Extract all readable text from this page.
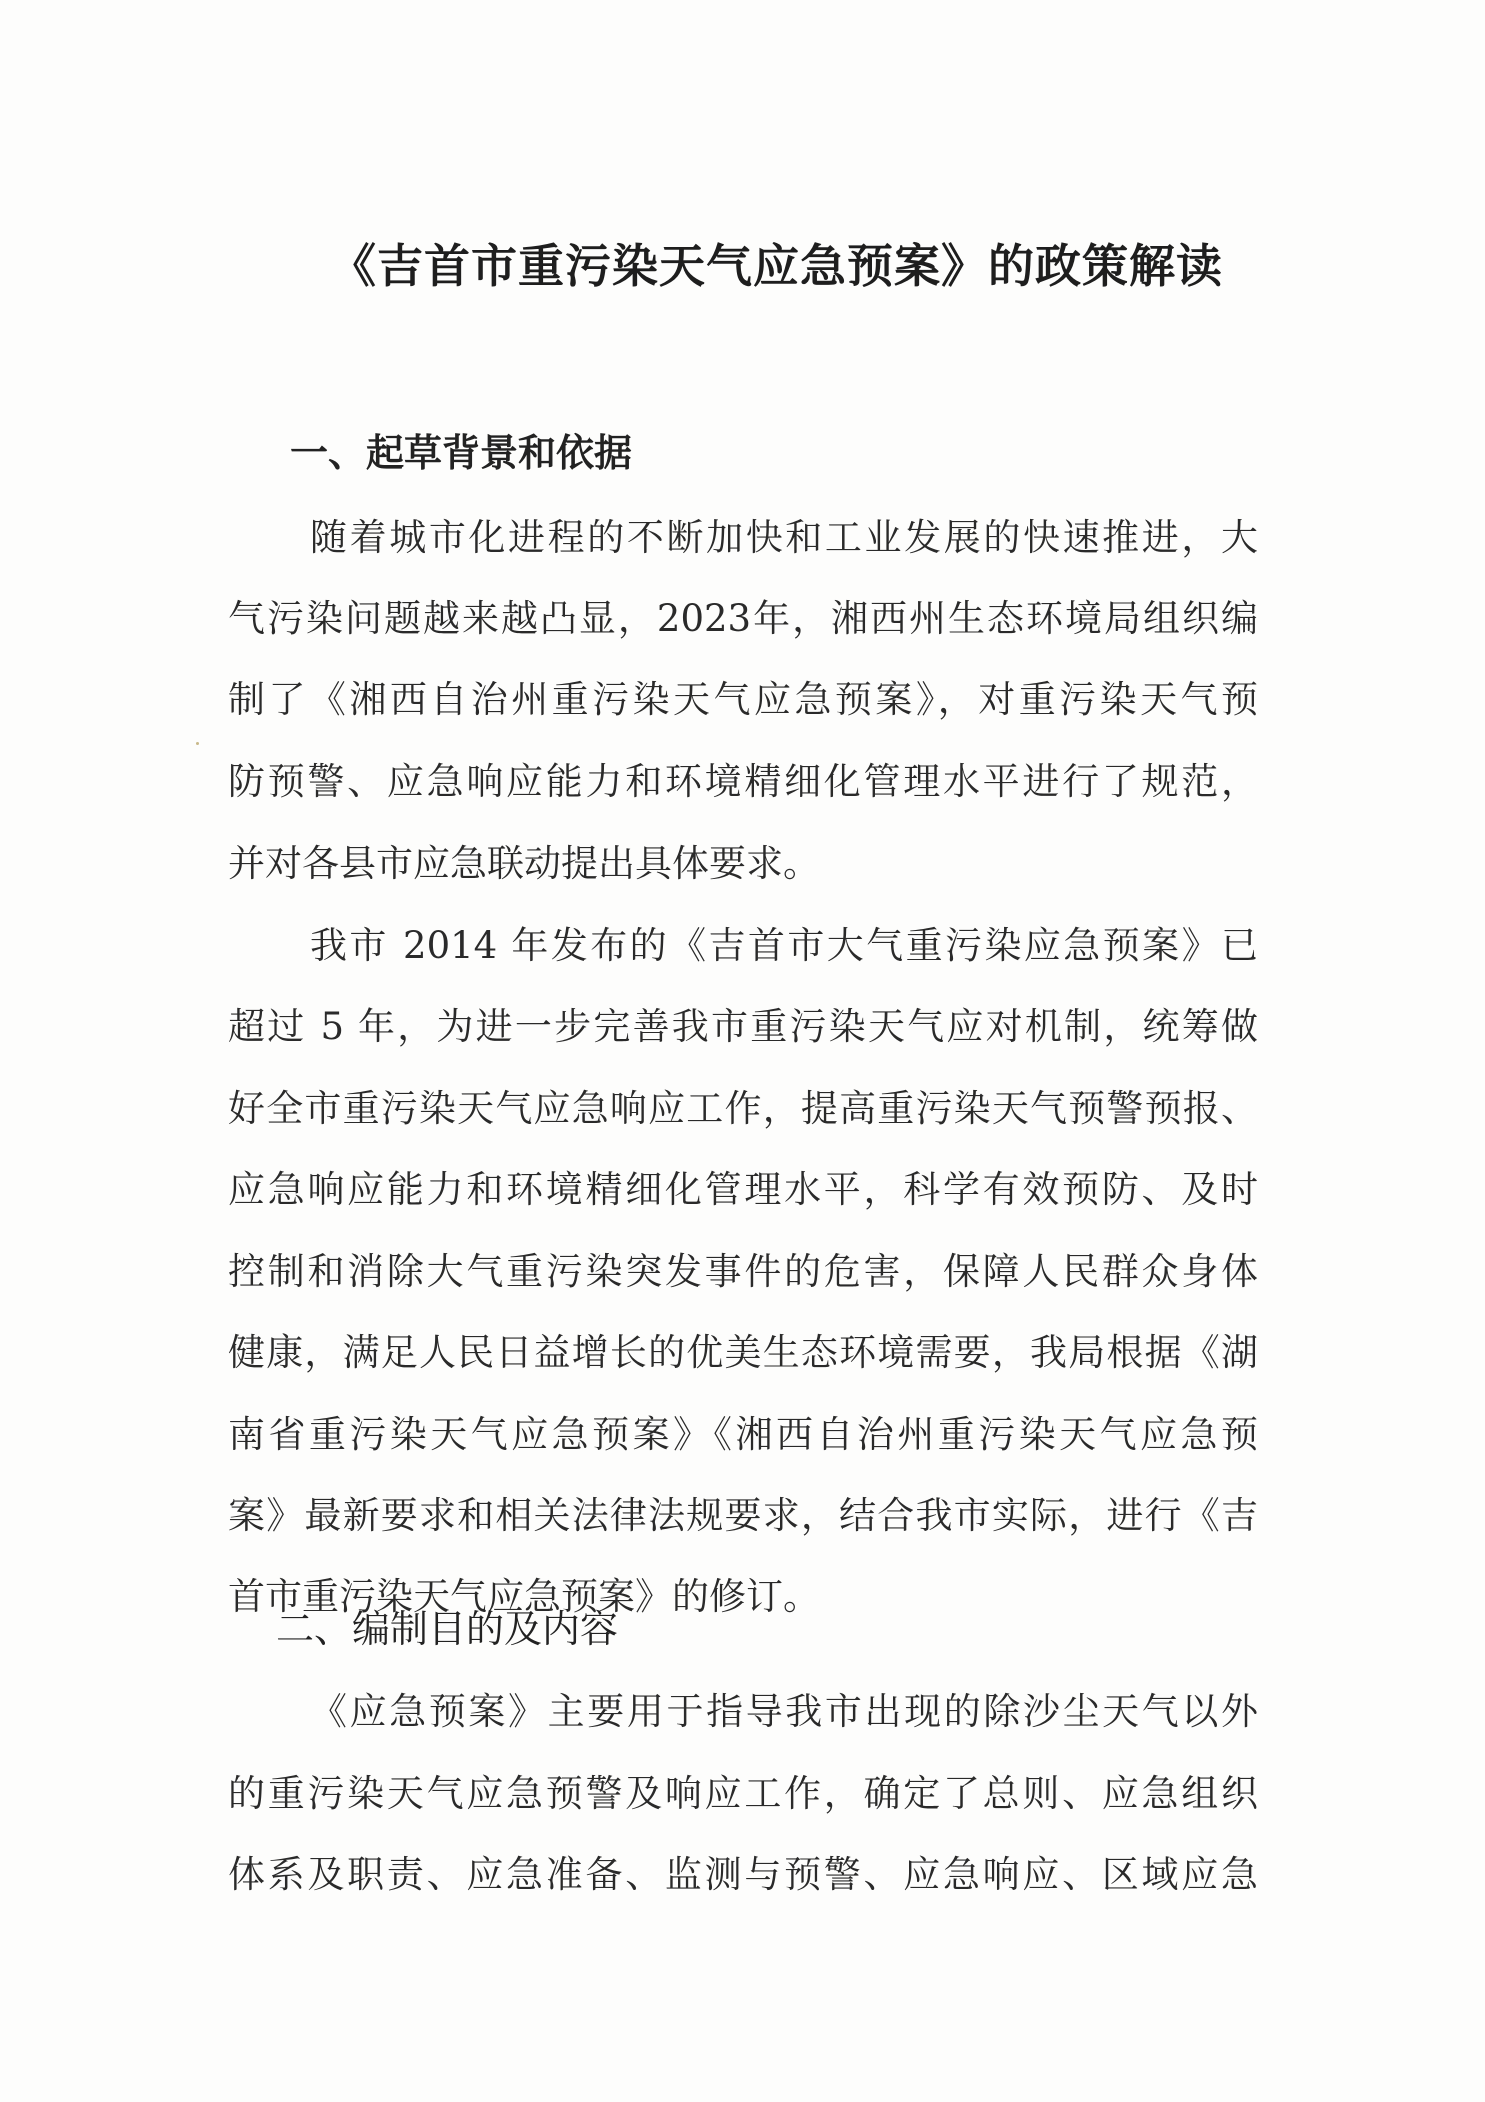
《吉首市重污染天气应急预案》的政策解读
一、起草背景和依据
随着城市化进程的不断加快和工业发展的快速推进，大
气污染问题越来越凸显，2023年，湘西州生态环境局组织编
制了《湘西自治州重污染天气应急预案》，对重污染天气预
防预警、应急响应能力和环境精细化管理水平进行了规范，
并对各县市应急联动提出具体要求。
我市 2014 年发布的《吉首市大气重污染应急预案》已
超过 5 年，为进一步完善我市重污染天气应对机制，统筹做
好全市重污染天气应急响应工作，提高重污染天气预警预报、
应急响应能力和环境精细化管理水平，科学有效预防、及时
控制和消除大气重污染突发事件的危害，保障人民群众身体
健康，满足人民日益增长的优美生态环境需要，我局根据《湖
南省重污染天气应急预案》《湘西自治州重污染天气应急预
案》最新要求和相关法律法规要求，结合我市实际，进行《吉
首市重污染天气应急预案》的修订。
二、编制目的及内容
《应急预案》主要用于指导我市出现的除沙尘天气以外
的重污染天气应急预警及响应工作，确定了总则、应急组织
体系及职责、应急准备、监测与预警、应急响应、区域应急
